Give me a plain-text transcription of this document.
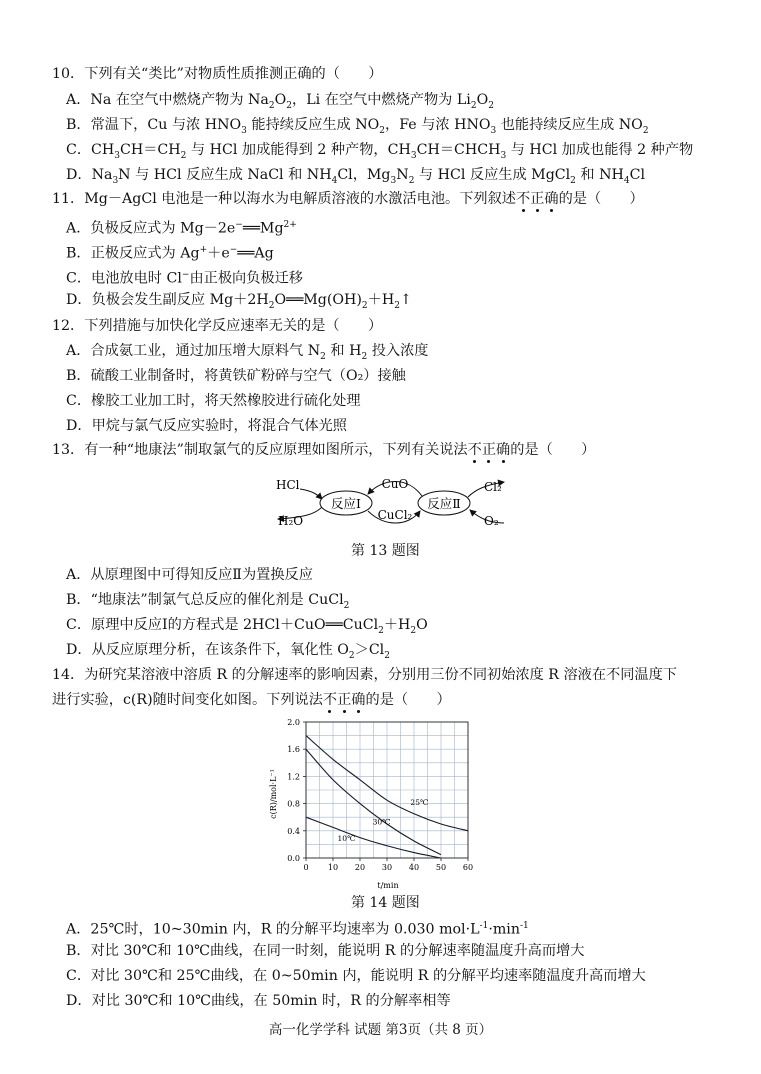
10．下列有关“类比”对物质性质推测正确的（　　）
A．Na 在空气中燃烧产物为 $Na_2O_2$，Li 在空气中燃烧产物为 $Li_2O_2$
B．常温下，Cu 与浓 $HNO_3$ 能持续反应生成 $NO_2$，Fe 与浓 $HNO_3$ 也能持续反应生成 $NO_2$
C．$CH_3CH=CH_2$ 与 HCl 加成能得到 2 种产物，$CH_3CH=CHCH_3$ 与 HCl 加成也能得 2 种产物
D．$Na_3N$ 与 HCl 反应生成 NaCl 和 $NH_4Cl$，$Mg_3N_2$ 与 HCl 反应生成 MgCl$_2$ 和 $NH_4Cl$
11．Mg－AgCl 电池是一种以海水为电解质溶液的水激活电池。下列叙述不正确的是（　　）
A．负极反应式为 $Mg-2e^-══Mg^{2+}$
B．正极反应式为 Ag+＋e−══Ag
C．电池放电时 Cl−由正极向负极迁移
D．负极会发生副反应 $Mg+2H_2O══Mg(OH)_2+H_2↑$
12．下列措施与加快化学反应速率无关的是（　　）
A．合成氨工业，通过加压增大原料气 $N_2$ 和 $H_2$ 投入浓度
B．硫酸工业制备时，将黄铁矿粉碎与空气（O₂）接触
C．橡胶工业加工时，将天然橡胶进行硫化处理
D．甲烷与氯气反应实验时，将混合气体光照
13．有一种“地康法”制取氯气的反应原理如图所示，下列有关说法不正确的是（　　）
HCl
H₂O
反应Ⅰ	反应Ⅱ
CuO
CuCl₂
Cl₂
O₂
第 13 题图
A．从原理图中可得知反应Ⅱ为置换反应
B．“地康法”制氯气总反应的催化剂是 CuCl$_2$
C．原理中反应Ⅰ的方程式是 $2HCl+CuO══CuCl_2+H_2O$
D．从反应原理分析，在该条件下，氧化性 $O_2>Cl_2$
14．为研究某溶液中溶质 R 的分解速率的影响因素，分别用三份不同初始浓度 R 溶液在不同温度下
进行实验，c(R)随时间变化如图。下列说法不正确的是（　　）
0 10 20 30 40 50 60
0.0
0.4
0.8
1.2
1.6
2.0
25℃
30℃
10℃
t/min
c(R)/mol·L⁻¹
第 14 题图
A．25℃时，10~30min 内，R 的分解平均速率为 0.030 $mol\cdot L^{-1}\cdot\min^{-1}$
B．对比 30℃和 10℃曲线，在同一时刻，能说明 R 的分解速率随温度升高而增大
C．对比 30℃和 25℃曲线，在 0~50min 内，能说明 R 的分解平均速率随温度升高而增大
D．对比 30℃和 10℃曲线，在 50min 时，R 的分解率相等
高一化学学科 试题 第3页（共 8 页）
